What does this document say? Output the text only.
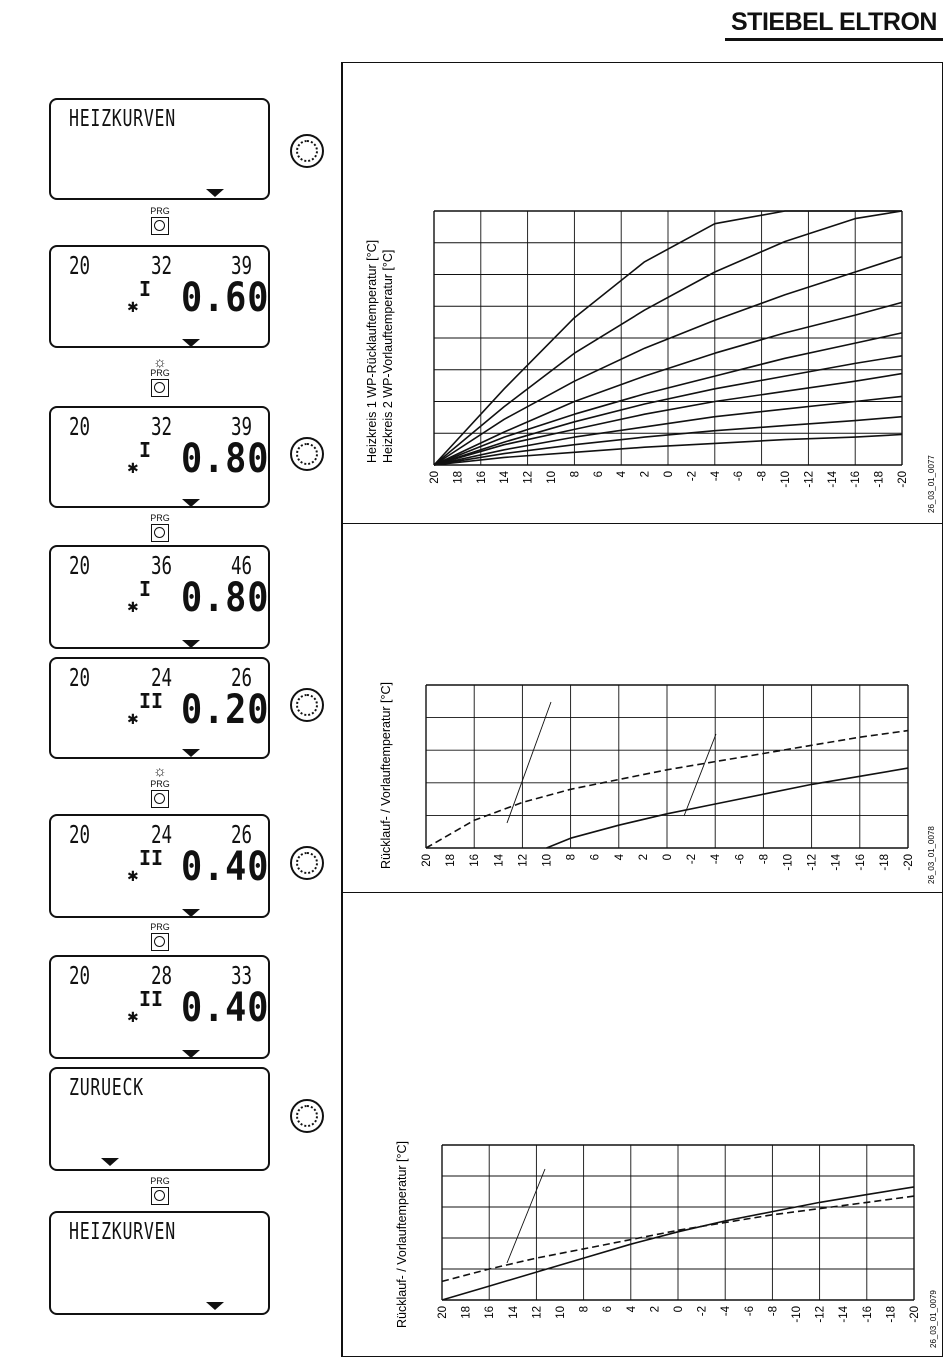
STIEBEL ELTRON
HEIZKURVEN
PRG
20 32 39
I
✱ 0.60
☼
PRG
20 32 39
I
✱ 0.80
PRG
20 36 46
I
✱ 0.80
20 24 26
II
✱ 0.20
☼
PRG
20 24 26
II
✱ 0.40
PRG
20 28 33
II
✱ 0.40
ZURUECK
PRG
HEIZKURVEN
20 18 16 14 12 10 8 6 4 2 0 -2 -4 -6 -8 -10 -12 -14 -16 -18 -20
Heizkreis 1 WP-Rücklauftemperatur [°C] Heizkreis 2 WP-Vorlauftemperatur [°C]
26_03_01_0077
20 18 16 14 12 10 8 6 4 2 0 -2 -4 -6 -8 -10 -12 -14 -16 -18 -20
Rücklauf- / Vorlauftemperatur [°C]	26_03_01_0078
20 18 16 14 12 10 8 6 4 2 0 -2 -4 -6 -8 -10 -12 -14 -16 -18 -20
Rücklauf- / Vorlauftemperatur [°C]	26_03_01_0079
